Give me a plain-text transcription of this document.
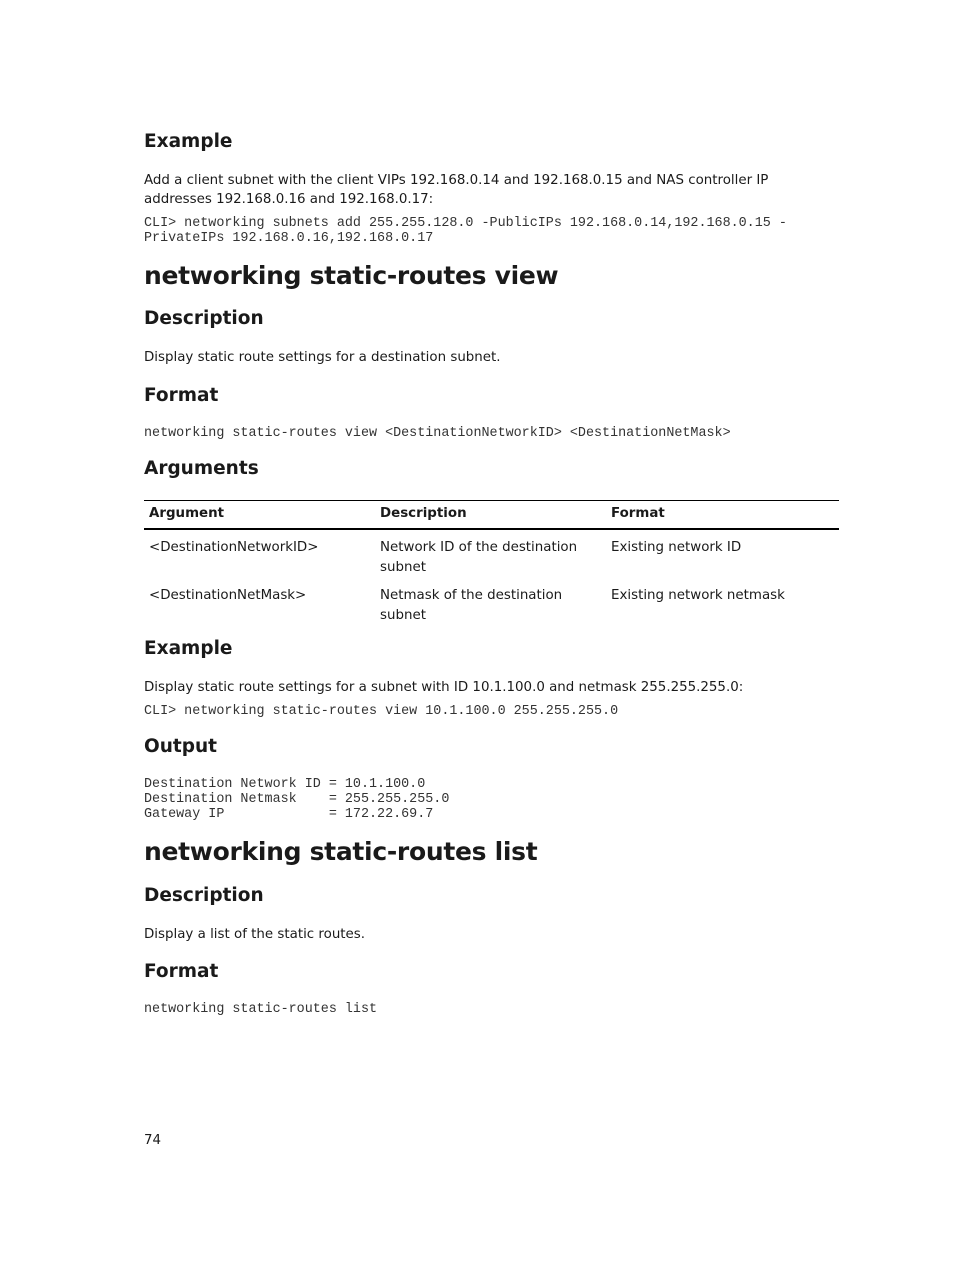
Example

Add a client subnet with the client VIPs 192.168.0.14 and 192.168.0.15 and NAS controller IP addresses 192.168.0.16 and 192.168.0.17:

CLI> networking subnets add 255.255.128.0 -PublicIPs 192.168.0.14,192.168.0.15 -
PrivateIPs 192.168.0.16,192.168.0.17
networking static-routes view
Description

Display static route settings for a destination subnet.

Format
networking static-routes view <DestinationNetworkID> <DestinationNetMask>
Arguments
Argument	Description	Format
<DestinationNetworkID>	Network ID of the destination subnet	Existing network ID
<DestinationNetMask>	Netmask of the destination subnet	Existing network netmask
Example

Display static route settings for a subnet with ID 10.1.100.0 and netmask 255.255.255.0:

CLI> networking static-routes view 10.1.100.0 255.255.255.0
Output
Destination Network ID = 10.1.100.0
Destination Netmask    = 255.255.255.0
Gateway IP             = 172.22.69.7
networking static-routes list
Description

Display a list of the static routes.

Format
networking static-routes list
74
